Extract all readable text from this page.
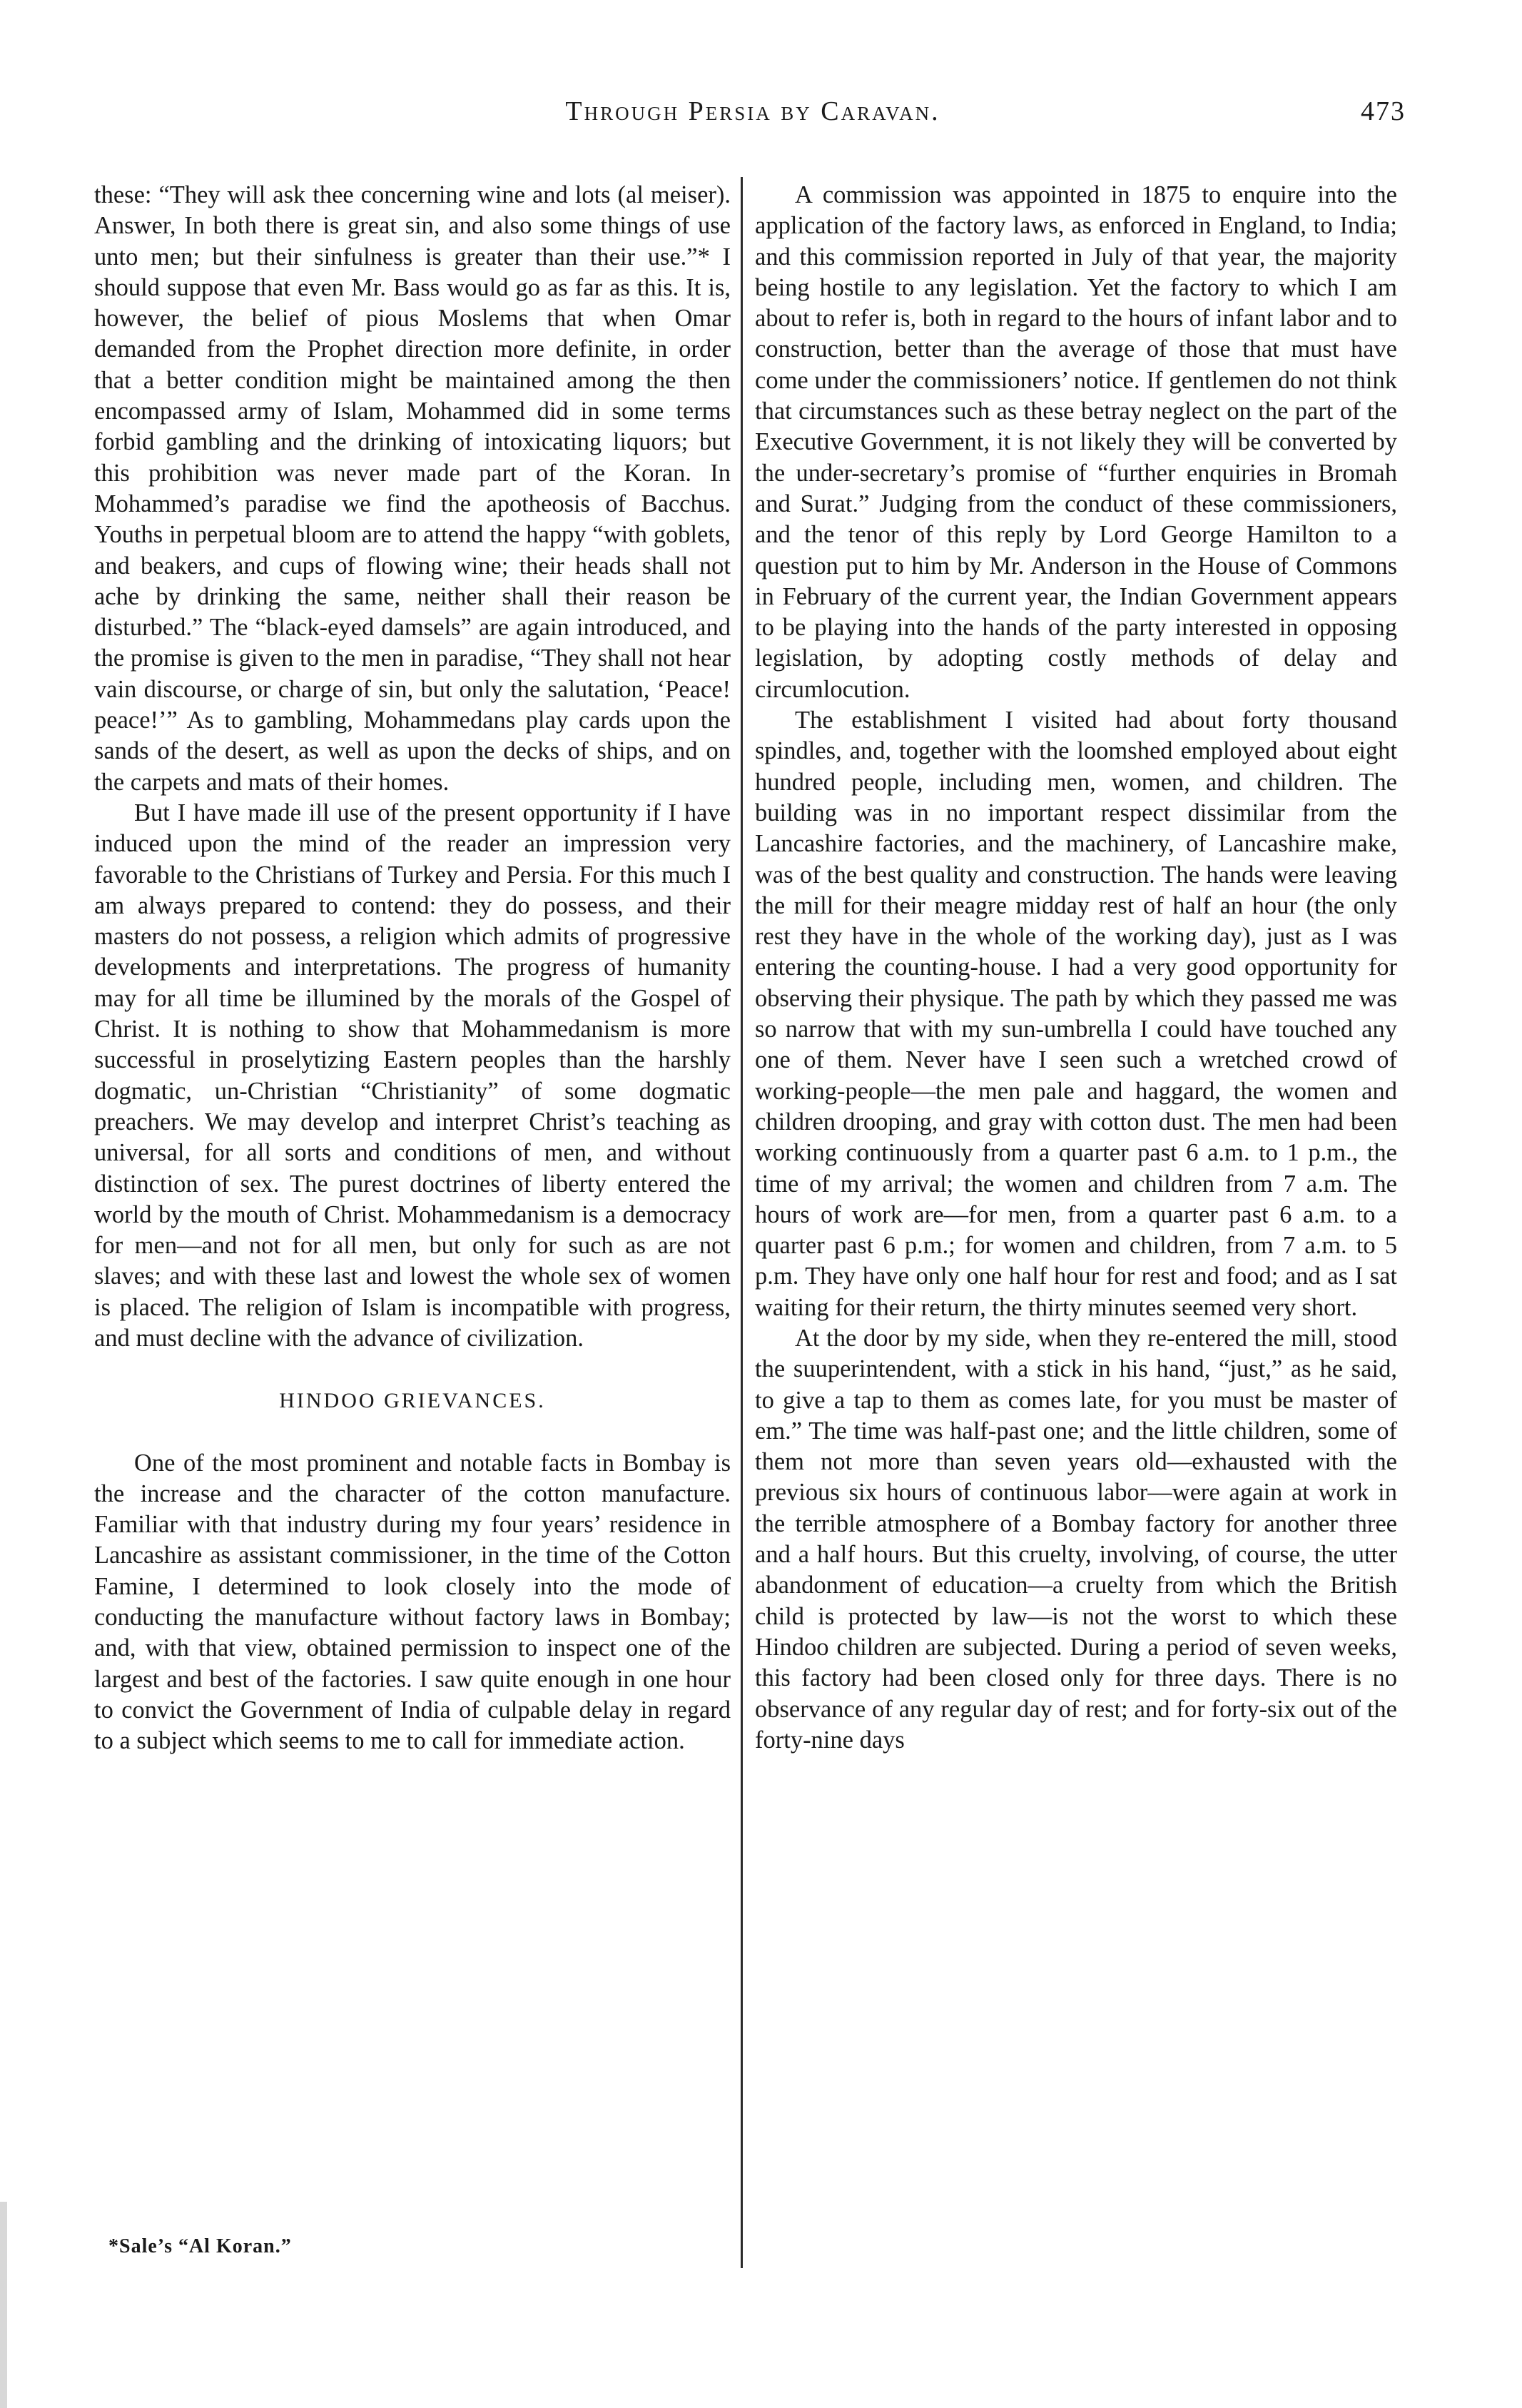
Through Persia by Caravan.	473

these: “They will ask thee concerning wine and lots (al meiser). Answer, In both there is great sin, and also some things of use unto men; but their sinfulness is greater than their use.”* I should suppose that even Mr. Bass would go as far as this. It is, however, the belief of pious Moslems that when Omar demanded from the Prophet direction more definite, in order that a better condition might be maintained among the then encompassed army of Islam, Mohammed did in some terms forbid gambling and the drinking of intoxicating liquors; but this prohibition was never made part of the Koran. In Mohammed’s paradise we find the apotheosis of Bacchus. Youths in perpetual bloom are to attend the happy “with goblets, and beakers, and cups of flowing wine; their heads shall not ache by drinking the same, neither shall their reason be disturbed.” The “black-eyed damsels” are again introduced, and the promise is given to the men in paradise, “They shall not hear vain discourse, or charge of sin, but only the salutation, ‘Peace! peace!’” As to gambling, Mohammedans play cards upon the sands of the desert, as well as upon the decks of ships, and on the carpets and mats of their homes.

But I have made ill use of the present opportunity if I have induced upon the mind of the reader an impression very favorable to the Christians of Turkey and Persia. For this much I am always prepared to contend: they do possess, and their masters do not possess, a religion which admits of progressive developments and interpretations. The progress of humanity may for all time be illumined by the morals of the Gospel of Christ. It is nothing to show that Mohammedanism is more successful in proselytizing Eastern peoples than the harshly dogmatic, un-Christian “Christianity” of some dogmatic preachers. We may develop and interpret Christ’s teaching as universal, for all sorts and conditions of men, and without distinction of sex. The purest doctrines of liberty entered the world by the mouth of Christ. Mohammedanism is a democracy for men—and not for all men, but only for such as are not slaves; and with these last and lowest the whole sex of women is placed. The religion of Islam is incompatible with progress, and must decline with the advance of civilization.

HINDOO GRIEVANCES.

One of the most prominent and notable facts in Bombay is the increase and the character of the cotton manufacture. Familiar with that industry during my four years’ residence in Lancashire as assistant commissioner, in the time of the Cotton Famine, I determined to look closely into the mode of conducting the manufacture without factory laws in Bombay; and, with that view, obtained permission to inspect one of the largest and best of the factories. I saw quite enough in one hour to convict the Government of India of culpable delay in regard to a subject which seems to me to call for immediate action.

A commission was appointed in 1875 to enquire into the application of the factory laws, as enforced in England, to India; and this commission reported in July of that year, the majority being hostile to any legislation. Yet the factory to which I am about to refer is, both in regard to the hours of infant labor and to construction, better than the average of those that must have come under the commissioners’ notice. If gentlemen do not think that circumstances such as these betray neglect on the part of the Executive Government, it is not likely they will be converted by the under-secretary’s promise of “further enquiries in Bromah and Surat.” Judging from the conduct of these commissioners, and the tenor of this reply by Lord George Hamilton to a question put to him by Mr. Anderson in the House of Commons in February of the current year, the Indian Government appears to be playing into the hands of the party interested in opposing legislation, by adopting costly methods of delay and circumlocution.

The establishment I visited had about forty thousand spindles, and, together with the loomshed employed about eight hundred people, including men, women, and children. The building was in no important respect dissimilar from the Lancashire factories, and the machinery, of Lancashire make, was of the best quality and construction. The hands were leaving the mill for their meagre midday rest of half an hour (the only rest they have in the whole of the working day), just as I was entering the counting-house. I had a very good opportunity for observing their physique. The path by which they passed me was so narrow that with my sun-umbrella I could have touched any one of them. Never have I seen such a wretched crowd of working-people—the men pale and haggard, the women and children drooping, and gray with cotton dust. The men had been working continuously from a quarter past 6 a.m. to 1 p.m., the time of my arrival; the women and children from 7 a.m. The hours of work are—for men, from a quarter past 6 a.m. to a quarter past 6 p.m.; for women and children, from 7 a.m. to 5 p.m. They have only one half hour for rest and food; and as I sat waiting for their return, the thirty minutes seemed very short.

At the door by my side, when they re-entered the mill, stood the suuperintendent, with a stick in his hand, “just,” as he said, to give a tap to them as comes late, for you must be master of em.” The time was half-past one; and the little children, some of them not more than seven years old—exhausted with the previous six hours of continuous labor—were again at work in the terrible atmosphere of a Bombay factory for another three and a half hours. But this cruelty, involving, of course, the utter abandonment of education—a cruelty from which the British child is protected by law—is not the worst to which these Hindoo children are subjected. During a period of seven weeks, this factory had been closed only for three days. There is no observance of any regular day of rest; and for forty-six out of the forty-nine days

*Sale’s “Al Koran.”
